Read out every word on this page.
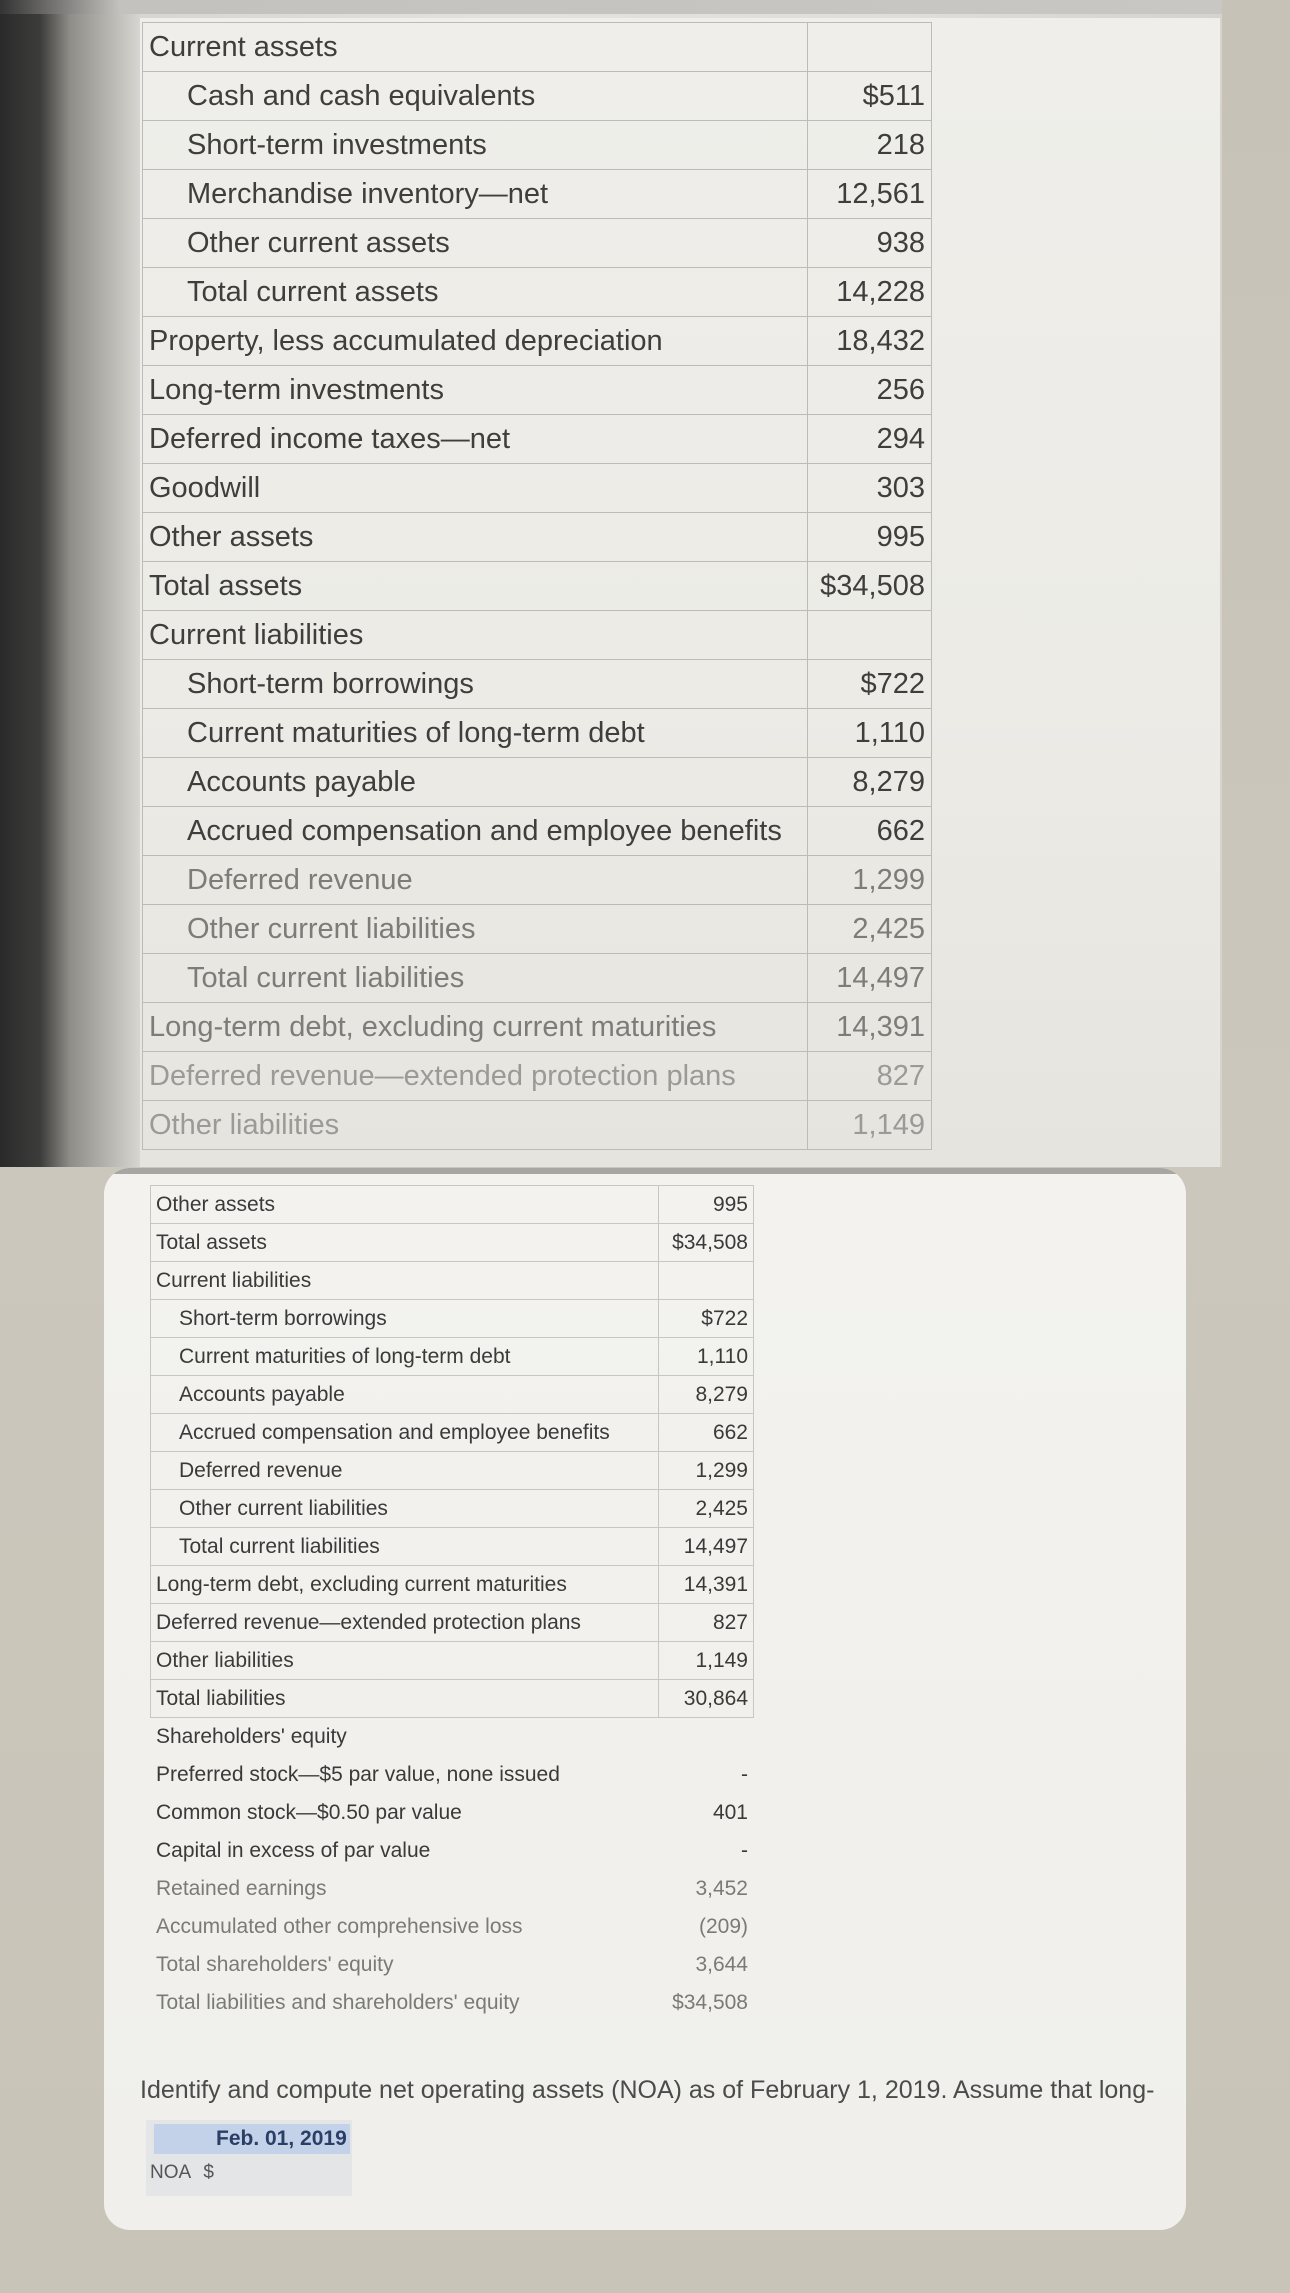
Current assets	
Cash and cash equivalents	$511
Short-term investments	218
Merchandise inventory—net	12,561
Other current assets	938
Total current assets	14,228
Property, less accumulated depreciation	18,432
Long-term investments	256
Deferred income taxes—net	294
Goodwill	303
Other assets	995
Total assets	$34,508
Current liabilities	
Short-term borrowings	$722
Current maturities of long-term debt	1,110
Accounts payable	8,279
Accrued compensation and employee benefits	662
Deferred revenue	1,299
Other current liabilities	2,425
Total current liabilities	14,497
Long-term debt, excluding current maturities	14,391
Deferred revenue—extended protection plans	827
Other liabilities	1,149
Other assets	995
Total assets	$34,508
Current liabilities	
Short-term borrowings	$722
Current maturities of long-term debt	1,110
Accounts payable	8,279
Accrued compensation and employee benefits	662
Deferred revenue	1,299
Other current liabilities	2,425
Total current liabilities	14,497
Long-term debt, excluding current maturities	14,391
Deferred revenue—extended protection plans	827
Other liabilities	1,149
Total liabilities	30,864
Shareholders' equity	
Preferred stock—$5 par value, none issued	-
Common stock—$0.50 par value	401
Capital in excess of par value	-
Retained earnings	3,452
Accumulated other comprehensive loss	(209)
Total shareholders' equity	3,644
Total liabilities and shareholders' equity	$34,508
Identify and compute net operating assets (NOA) as of February 1, 2019. Assume that long-
Feb. 01, 2019
NOA $
